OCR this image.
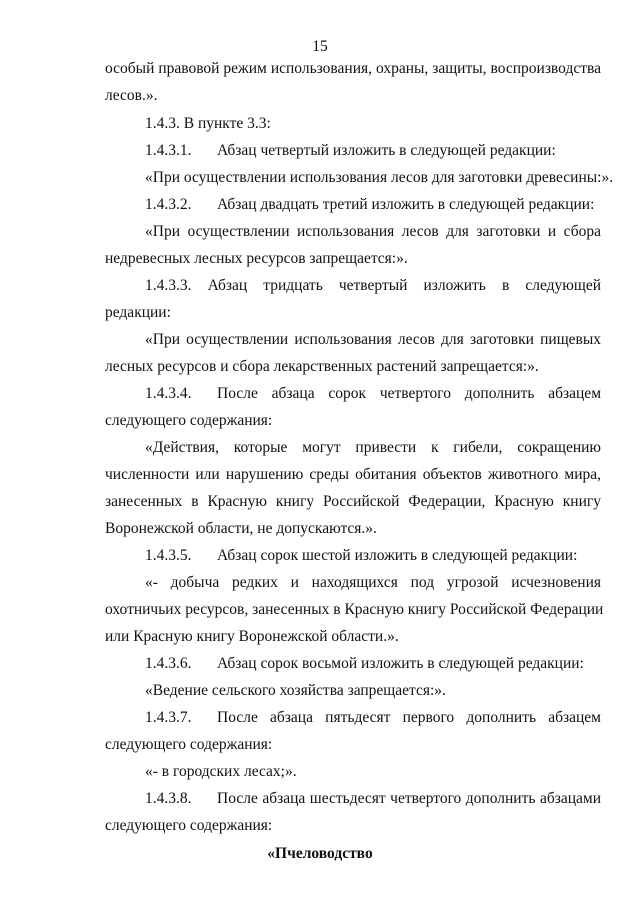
15
особый правовой режим использования, охраны, защиты, воспроизводства
лесов.».
1.4.3. В пункте 3.3:
1.4.3.1. Абзац четвертый изложить в следующей редакции:
«При осуществлении использования лесов для заготовки древесины:».
1.4.3.2. Абзац двадцать третий изложить в следующей редакции:
«При осуществлении использования лесов для заготовки и сбора
недревесных лесных ресурсов запрещается:».
1.4.3.3. Абзац тридцать четвертый изложить в следующей
редакции:
«При осуществлении использования лесов для заготовки пищевых
лесных ресурсов и сбора лекарственных растений запрещается:».
1.4.3.4. После абзаца сорок четвертого дополнить абзацем
следующего содержания:
«Действия, которые могут привести к гибели, сокращению
численности или нарушению среды обитания объектов животного мира,
занесенных в Красную книгу Российской Федерации, Красную книгу
Воронежской области, не допускаются.».
1.4.3.5. Абзац сорок шестой изложить в следующей редакции:
«- добыча редких и находящихся под угрозой исчезновения
охотничьих ресурсов, занесенных в Красную книгу Российской Федерации
или Красную книгу Воронежской области.».
1.4.3.6. Абзац сорок восьмой изложить в следующей редакции:
«Ведение сельского хозяйства запрещается:».
1.4.3.7. После абзаца пятьдесят первого дополнить абзацем
следующего содержания:
«- в городских лесах;».
1.4.3.8. После абзаца шестьдесят четвертого дополнить абзацами
следующего содержания:
«Пчеловодство
